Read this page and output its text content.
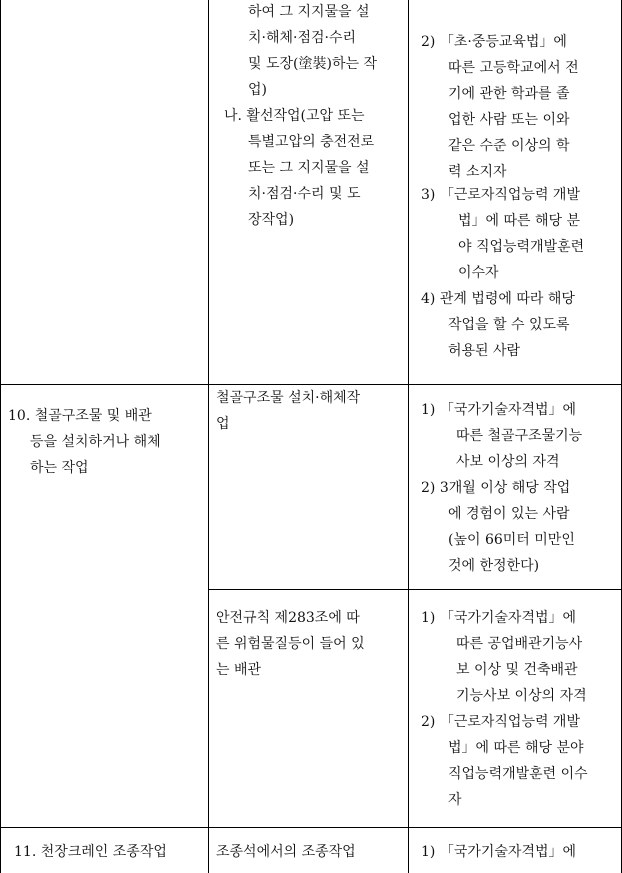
하여 그 지지물을 설
치·해체·점검·수리
및 도장(塗裝)하는 작
업)
나. 활선작업(고압 또는
특별고압의 충전전로
또는 그 지지물을 설
치·점검·수리 및 도
장작업)
2) 「초·중등교육법」에
따른 고등학교에서 전
기에 관한 학과를 졸
업한 사람 또는 이와
같은 수준 이상의 학
력 소지자
3) 「근로자직업능력 개발
법」에 따른 해당 분
야 직업능력개발훈련
이수자
4) 관계 법령에 따라 해당
작업을 할 수 있도록
허용된 사람
10. 철골구조물 및 배관
등을 설치하거나 해체
하는 작업
철골구조물 설치·해체작
업
1) 「국가기술자격법」에
따른 철골구조물기능
사보 이상의 자격
2) 3개월 이상 해당 작업
에 경험이 있는 사람
(높이 66미터 미만인
것에 한정한다)
안전규칙 제283조에 따
른 위험물질등이 들어 있
는 배관
1) 「국가기술자격법」에
따른 공업배관기능사
보 이상 및 건축배관
기능사보 이상의 자격
2) 「근로자직업능력 개발
법」에 따른 해당 분야
직업능력개발훈련 이수
자
11. 천장크레인 조종작업	조종석에서의 조종작업	1) 「국가기술자격법」에
